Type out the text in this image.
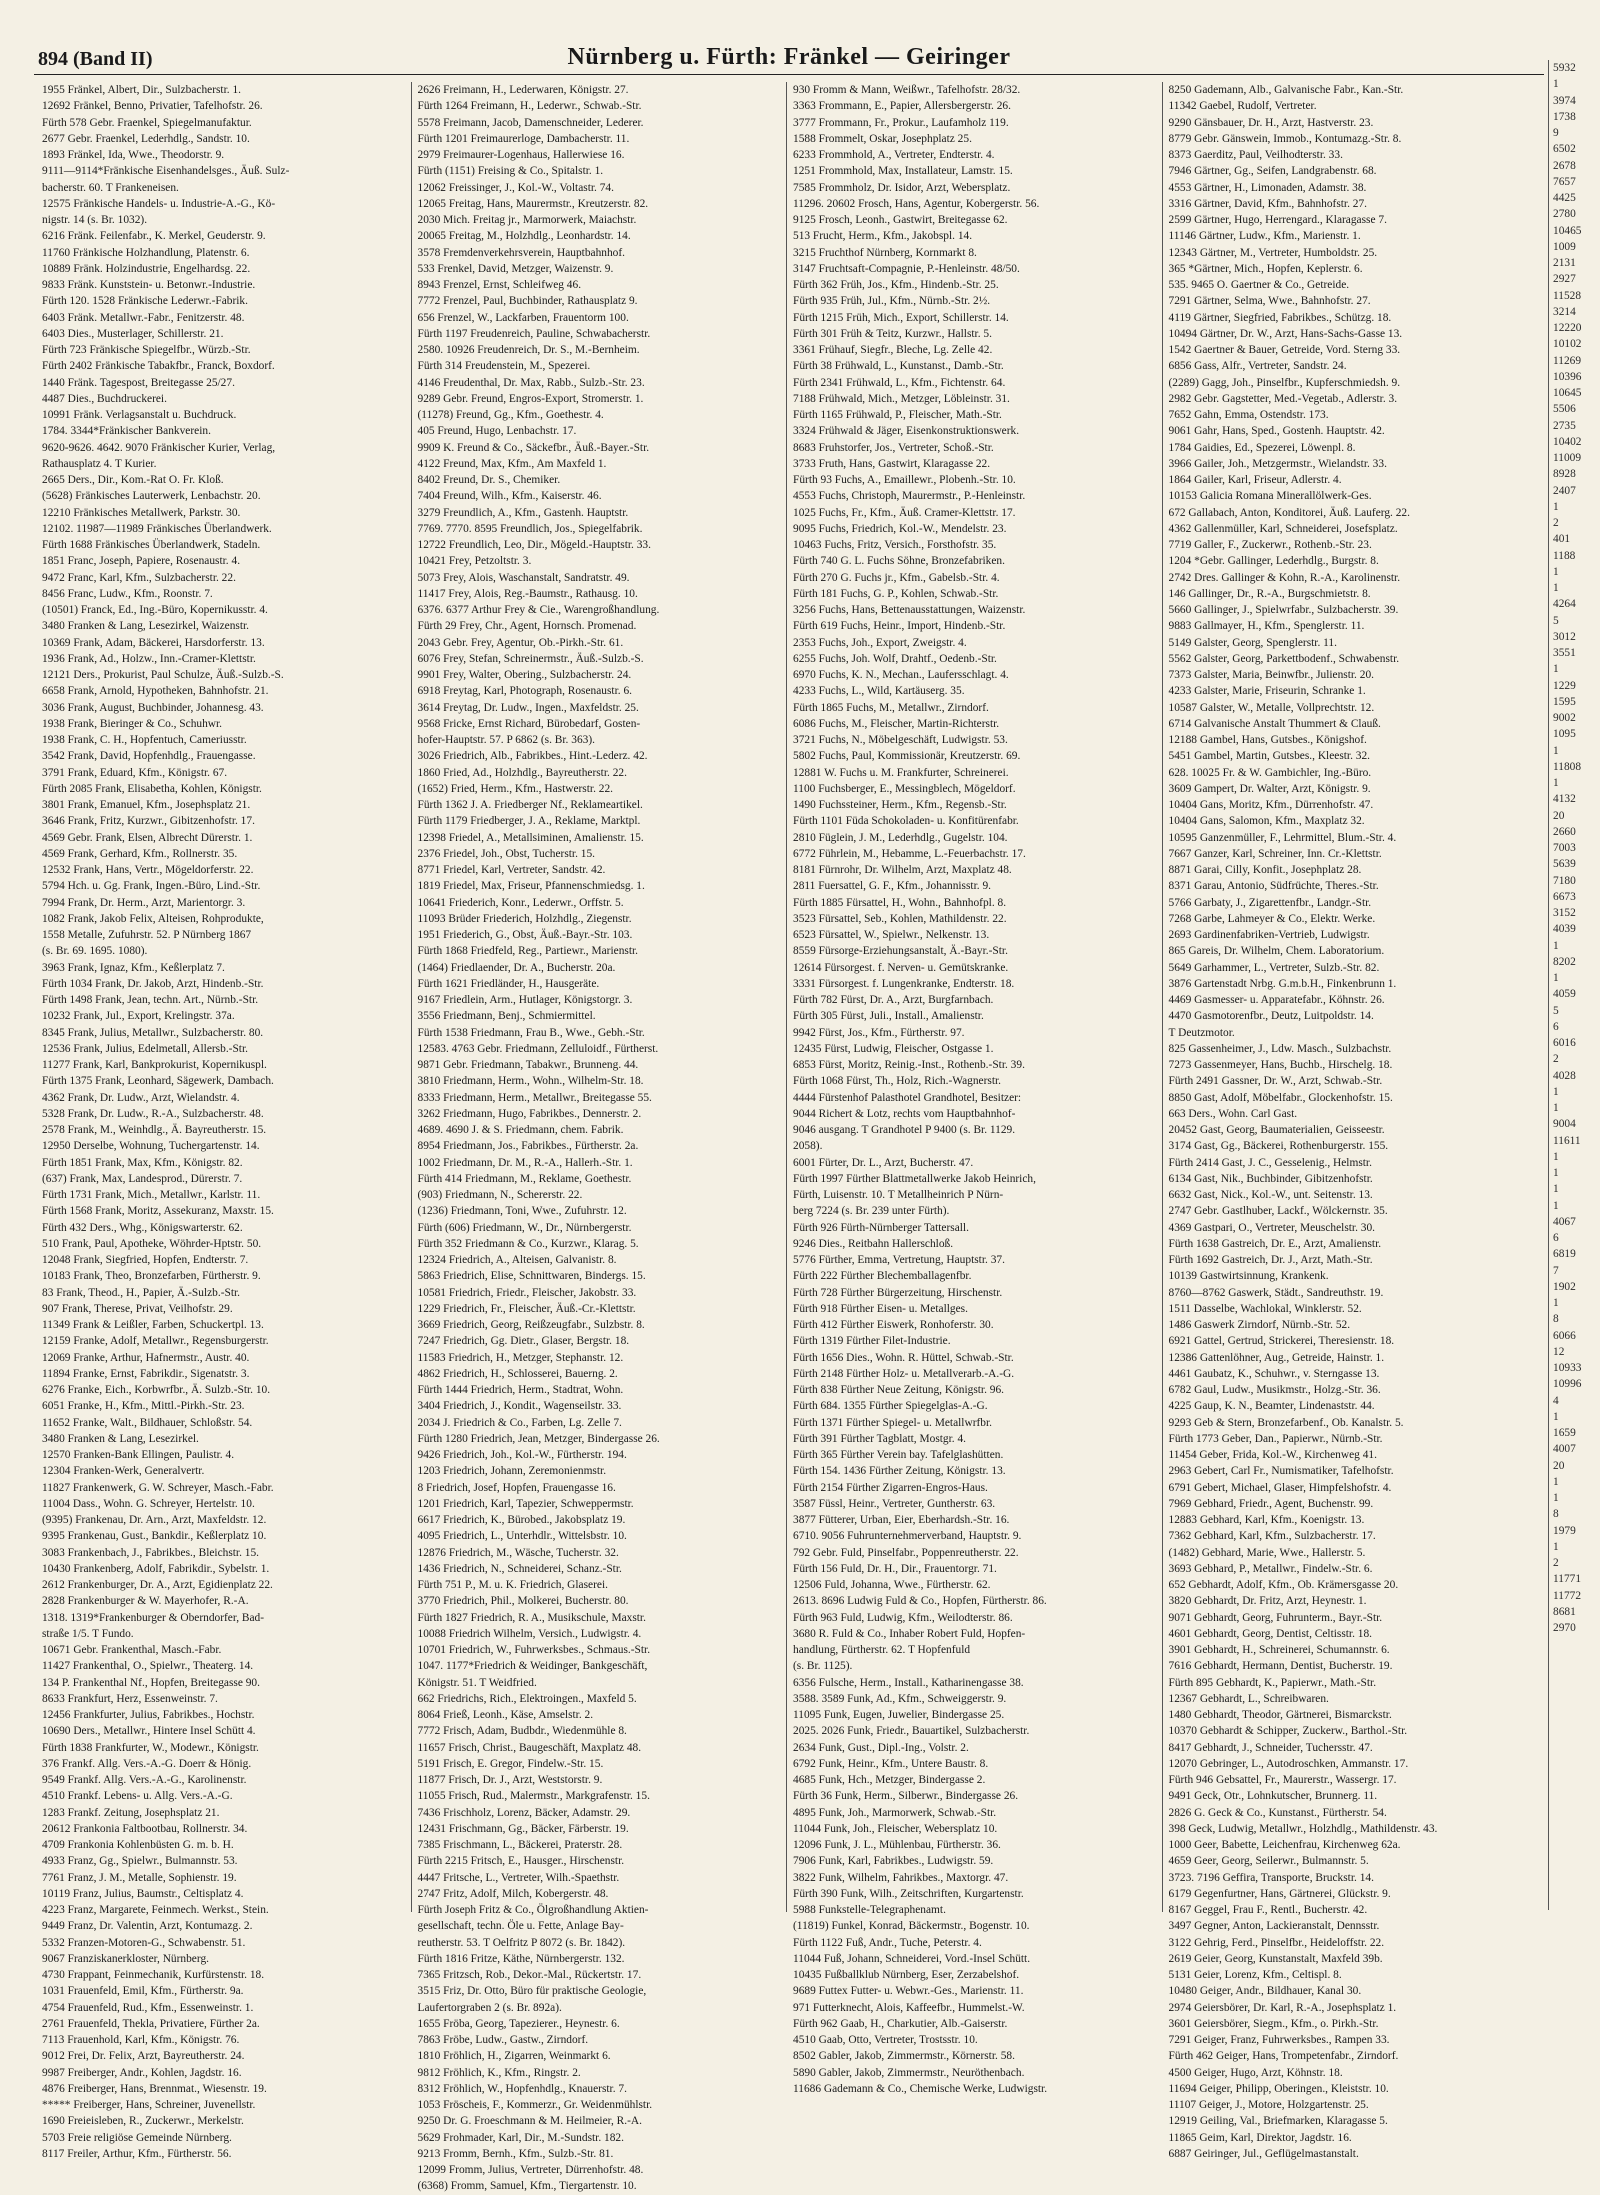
894 (Band II)	Nürnberg u. Fürth: Fränkel — Geiringer
1955 Fränkel, Albert, Dir., Sulzbacherstr. 1.
12692 Fränkel, Benno, Privatier, Tafelhofstr. 26.
Fürth 578 Gebr. Fraenkel, Spiegelmanufaktur.
2677 Gebr. Fraenkel, Lederhdlg., Sandstr. 10.
1893 Fränkel, Ida, Wwe., Theodorstr. 9.
9111—9114*Fränkische Eisenhandelsges., Äuß. Sulz-
bacherstr. 60. T Frankeneisen.
12575 Fränkische Handels- u. Industrie-A.-G., Kö-
nigstr. 14 (s. Br. 1032).
6216 Fränk. Feilenfabr., K. Merkel, Geuderstr. 9.
11760 Fränkische Holzhandlung, Platenstr. 6.
10889 Fränk. Holzindustrie, Engelhardsg. 22.
9833 Fränk. Kunststein- u. Betonwr.-Industrie.
Fürth 120. 1528 Fränkische Lederwr.-Fabrik.
6403 Fränk. Metallwr.-Fabr., Fenitzerstr. 48.
6403 Dies., Musterlager, Schillerstr. 21.
Fürth 723 Fränkische Spiegelfbr., Würzb.-Str.
Fürth 2402 Fränkische Tabakfbr., Franck, Boxdorf.
1440 Fränk. Tagespost, Breitegasse 25/27.
4487 Dies., Buchdruckerei.
10991 Fränk. Verlagsanstalt u. Buchdruck.
1784. 3344*Fränkischer Bankverein.
9620-9626. 4642. 9070 Fränkischer Kurier, Verlag,
Rathausplatz 4. T Kurier.
2665 Ders., Dir., Kom.-Rat O. Fr. Kloß.
(5628) Fränkisches Lauterwerk, Lenbachstr. 20.
12210 Fränkisches Metallwerk, Parkstr. 30.
12102. 11987—11989 Fränkisches Überlandwerk.
Fürth 1688 Fränkisches Überlandwerk, Stadeln.
1851 Franc, Joseph, Papiere, Rosenaustr. 4.
9472 Franc, Karl, Kfm., Sulzbacherstr. 22.
8456 Franc, Ludw., Kfm., Roonstr. 7.
(10501) Franck, Ed., Ing.-Büro, Kopernikusstr. 4.
3480 Franken & Lang, Lesezirkel, Waizenstr.
10369 Frank, Adam, Bäckerei, Harsdorferstr. 13.
1936 Frank, Ad., Holzw., Inn.-Cramer-Klettstr.
12121 Ders., Prokurist, Paul Schulze, Äuß.-Sulzb.-S.
6658 Frank, Arnold, Hypotheken, Bahnhofstr. 21.
3036 Frank, August, Buchbinder, Johannesg. 43.
1938 Frank, Bieringer & Co., Schuhwr.
1938 Frank, C. H., Hopfentuch, Cameriusstr.
3542 Frank, David, Hopfenhdlg., Frauengasse.
3791 Frank, Eduard, Kfm., Königstr. 67.
Fürth 2085 Frank, Elisabetha, Kohlen, Königstr.
3801 Frank, Emanuel, Kfm., Josephsplatz 21.
3646 Frank, Fritz, Kurzwr., Gibitzenhofstr. 17.
4569 Gebr. Frank, Elsen, Albrecht Dürerstr. 1.
4569 Frank, Gerhard, Kfm., Rollnerstr. 35.
12532 Frank, Hans, Vertr., Mögeldorferstr. 22.
5794 Hch. u. Gg. Frank, Ingen.-Büro, Lind.-Str.
7994 Frank, Dr. Herm., Arzt, Marientorgr. 3.
1082 Frank, Jakob Felix, Alteisen, Rohprodukte,
1558 Metalle, Zufuhrstr. 52. P Nürnberg 1867
(s. Br. 69. 1695. 1080).
3963 Frank, Ignaz, Kfm., Keßlerplatz 7.
Fürth 1034 Frank, Dr. Jakob, Arzt, Hindenb.-Str.
Fürth 1498 Frank, Jean, techn. Art., Nürnb.-Str.
10232 Frank, Jul., Export, Krelingstr. 37a.
8345 Frank, Julius, Metallwr., Sulzbacherstr. 80.
12536 Frank, Julius, Edelmetall, Allersb.-Str.
11277 Frank, Karl, Bankprokurist, Kopernikuspl.
Fürth 1375 Frank, Leonhard, Sägewerk, Dambach.
4362 Frank, Dr. Ludw., Arzt, Wielandstr. 4.
5328 Frank, Dr. Ludw., R.-A., Sulzbacherstr. 48.
2578 Frank, M., Weinhdlg., Ä. Bayreutherstr. 15.
12950 Derselbe, Wohnung, Tuchergartenstr. 14.
Fürth 1851 Frank, Max, Kfm., Königstr. 82.
(637) Frank, Max, Landesprod., Dürerstr. 7.
Fürth 1731 Frank, Mich., Metallwr., Karlstr. 11.
Fürth 1568 Frank, Moritz, Assekuranz, Maxstr. 15.
Fürth 432 Ders., Whg., Königswarterstr. 62.
510 Frank, Paul, Apotheke, Wöhrder-Hptstr. 50.
12048 Frank, Siegfried, Hopfen, Endterstr. 7.
10183 Frank, Theo, Bronzefarben, Fürtherstr. 9.
83 Frank, Theod., H., Papier, Ä.-Sulzb.-Str.
907 Frank, Therese, Privat, Veilhofstr. 29.
11349 Frank & Leißler, Farben, Schuckertpl. 13.
12159 Franke, Adolf, Metallwr., Regensburgerstr.
12069 Franke, Arthur, Hafnermstr., Austr. 40.
11894 Franke, Ernst, Fabrikdir., Sigenatstr. 3.
6276 Franke, Eich., Korbwrfbr., Ä. Sulzb.-Str. 10.
6051 Franke, H., Kfm., Mittl.-Pirkh.-Str. 23.
11652 Franke, Walt., Bildhauer, Schloßstr. 54.
3480 Franken & Lang, Lesezirkel.
12570 Franken-Bank Ellingen, Paulistr. 4.
12304 Franken-Werk, Generalvertr.
11827 Frankenwerk, G. W. Schreyer, Masch.-Fabr.
11004 Dass., Wohn. G. Schreyer, Hertelstr. 10.
(9395) Frankenau, Dr. Arn., Arzt, Maxfeldstr. 12.
9395 Frankenau, Gust., Bankdir., Keßlerplatz 10.
3083 Frankenbach, J., Fabrikbes., Bleichstr. 15.
10430 Frankenberg, Adolf, Fabrikdir., Sybelstr. 1.
2612 Frankenburger, Dr. A., Arzt, Egidienplatz 22.
2828 Frankenburger & W. Mayerhofer, R.-A.
1318. 1319*Frankenburger & Oberndorfer, Bad-
straße 1/5. T Fundo.
10671 Gebr. Frankenthal, Masch.-Fabr.
11427 Frankenthal, O., Spielwr., Theaterg. 14.
134 P. Frankenthal Nf., Hopfen, Breitegasse 90.
8633 Frankfurt, Herz, Essenweinstr. 7.
12456 Frankfurter, Julius, Fabrikbes., Hochstr.
10690 Ders., Metallwr., Hintere Insel Schütt 4.
Fürth 1838 Frankfurter, W., Modewr., Königstr.
376 Frankf. Allg. Vers.-A.-G. Doerr & Hönig.
9549 Frankf. Allg. Vers.-A.-G., Karolinenstr.
4510 Frankf. Lebens- u. Allg. Vers.-A.-G.
1283 Frankf. Zeitung, Josephsplatz 21.
20612 Frankonia Faltbootbau, Rollnerstr. 34.
4709 Frankonia Kohlenbüsten G. m. b. H.
4933 Franz, Gg., Spielwr., Bulmannstr. 53.
7761 Franz, J. M., Metalle, Sophienstr. 19.
10119 Franz, Julius, Baumstr., Celtisplatz 4.
4223 Franz, Margarete, Feinmech. Werkst., Stein.
9449 Franz, Dr. Valentin, Arzt, Kontumazg. 2.
5332 Franzen-Motoren-G., Schwabenstr. 51.
9067 Franziskanerkloster, Nürnberg.
4730 Frappant, Feinmechanik, Kurfürstenstr. 18.
1031 Frauenfeld, Emil, Kfm., Fürtherstr. 9a.
4754 Frauenfeld, Rud., Kfm., Essenweinstr. 1.
2761 Frauenfeld, Thekla, Privatiere, Fürther 2a.
7113 Frauenhold, Karl, Kfm., Königstr. 76.
9012 Frei, Dr. Felix, Arzt, Bayreutherstr. 24.
9987 Freiberger, Andr., Kohlen, Jagdstr. 16.
4876 Freiberger, Hans, Brennmat., Wiesenstr. 19.
***** Freiberger, Hans, Schreiner, Juvenellstr.
1690 Freieisleben, R., Zuckerwr., Merkelstr.
5703 Freie religiöse Gemeinde Nürnberg.
8117 Freiler, Arthur, Kfm., Fürtherstr. 56.
2626 Freimann, H., Lederwaren, Königstr. 27.
Fürth 1264 Freimann, H., Lederwr., Schwab.-Str.
5578 Freimann, Jacob, Damenschneider, Lederer.
Fürth 1201 Freimaurerloge, Dambacherstr. 11.
2979 Freimaurer-Logenhaus, Hallerwiese 16.
Fürth (1151) Freising & Co., Spitalstr. 1.
12062 Freissinger, J., Kol.-W., Voltastr. 74.
12065 Freitag, Hans, Maurermstr., Kreutzerstr. 82.
2030 Mich. Freitag jr., Marmorwerk, Maiachstr.
20065 Freitag, M., Holzhdlg., Leonhardstr. 14.
3578 Fremdenverkehrsverein, Hauptbahnhof.
533 Frenkel, David, Metzger, Waizenstr. 9.
8943 Frenzel, Ernst, Schleifweg 46.
7772 Frenzel, Paul, Buchbinder, Rathausplatz 9.
656 Frenzel, W., Lackfarben, Frauentorm 100.
Fürth 1197 Freudenreich, Pauline, Schwabacherstr.
2580. 10926 Freudenreich, Dr. S., M.-Bernheim.
Fürth 314 Freudenstein, M., Spezerei.
4146 Freudenthal, Dr. Max, Rabb., Sulzb.-Str. 23.
9289 Gebr. Freund, Engros-Export, Stromerstr. 1.
(11278) Freund, Gg., Kfm., Goethestr. 4.
405 Freund, Hugo, Lenbachstr. 17.
9909 K. Freund & Co., Säckefbr., Äuß.-Bayer.-Str.
4122 Freund, Max, Kfm., Am Maxfeld 1.
8402 Freund, Dr. S., Chemiker.
7404 Freund, Wilh., Kfm., Kaiserstr. 46.
3279 Freundlich, A., Kfm., Gastenh. Hauptstr.
7769. 7770. 8595 Freundlich, Jos., Spiegelfabrik.
12722 Freundlich, Leo, Dir., Mögeld.-Hauptstr. 33.
10421 Frey, Petzoltstr. 3.
5073 Frey, Alois, Waschanstalt, Sandratstr. 49.
11417 Frey, Alois, Reg.-Baumstr., Rathausg. 10.
6376. 6377 Arthur Frey & Cie., Warengroßhandlung.
Fürth 29 Frey, Chr., Agent, Hornsch. Promenad.
2043 Gebr. Frey, Agentur, Ob.-Pirkh.-Str. 61.
6076 Frey, Stefan, Schreinermstr., Äuß.-Sulzb.-S.
9901 Frey, Walter, Obering., Sulzbacherstr. 24.
6918 Freytag, Karl, Photograph, Rosenaustr. 6.
3614 Freytag, Dr. Ludw., Ingen., Maxfeldstr. 25.
9568 Fricke, Ernst Richard, Bürobedarf, Gosten-
hofer-Hauptstr. 57. P 6862 (s. Br. 363).
3026 Friedrich, Alb., Fabrikbes., Hint.-Lederz. 42.
1860 Fried, Ad., Holzhdlg., Bayreutherstr. 22.
(1652) Fried, Herm., Kfm., Hastwerstr. 22.
Fürth 1362 J. A. Friedberger Nf., Reklameartikel.
Fürth 1179 Friedberger, J. A., Reklame, Marktpl.
12398 Friedel, A., Metallsiminen, Amalienstr. 15.
2376 Friedel, Joh., Obst, Tucherstr. 15.
8771 Friedel, Karl, Vertreter, Sandstr. 42.
1819 Friedel, Max, Friseur, Pfannenschmiedsg. 1.
10641 Friederich, Konr., Lederwr., Orffstr. 5.
11093 Brüder Friederich, Holzhdlg., Ziegenstr.
1951 Friederich, G., Obst, Äuß.-Bayr.-Str. 103.
Fürth 1868 Friedfeld, Reg., Partiewr., Marienstr.
(1464) Friedlaender, Dr. A., Bucherstr. 20a.
Fürth 1621 Friedländer, H., Hausgeräte.
9167 Friedlein, Arm., Hutlager, Königstorgr. 3.
3556 Friedmann, Benj., Schmiermittel.
Fürth 1538 Friedmann, Frau B., Wwe., Gebh.-Str.
12583. 4763 Gebr. Friedmann, Zelluloidf., Fürtherst.
9871 Gebr. Friedmann, Tabakwr., Brunneng. 44.
3810 Friedmann, Herm., Wohn., Wilhelm-Str. 18.
8333 Friedmann, Herm., Metallwr., Breitegasse 55.
3262 Friedmann, Hugo, Fabrikbes., Dennerstr. 2.
4689. 4690 J. & S. Friedmann, chem. Fabrik.
8954 Friedmann, Jos., Fabrikbes., Fürtherstr. 2a.
1002 Friedmann, Dr. M., R.-A., Hallerh.-Str. 1.
Fürth 414 Friedmann, M., Reklame, Goethestr.
(903) Friedmann, N., Schererstr. 22.
(1236) Friedmann, Toni, Wwe., Zufuhrstr. 12.
Fürth (606) Friedmann, W., Dr., Nürnbergerstr.
Fürth 352 Friedmann & Co., Kurzwr., Klarag. 5.
12324 Friedrich, A., Alteisen, Galvanistr. 8.
5863 Friedrich, Elise, Schnittwaren, Bindergs. 15.
10581 Friedrich, Friedr., Fleischer, Jakobstr. 33.
1229 Friedrich, Fr., Fleischer, Äuß.-Cr.-Klettstr.
3669 Friedrich, Georg, Reißzeugfabr., Sulzbstr. 8.
7247 Friedrich, Gg. Dietr., Glaser, Bergstr. 18.
11583 Friedrich, H., Metzger, Stephanstr. 12.
4862 Friedrich, H., Schlosserei, Bauerng. 2.
Fürth 1444 Friedrich, Herm., Stadtrat, Wohn.
3404 Friedrich, J., Kondit., Wagenseilstr. 33.
2034 J. Friedrich & Co., Farben, Lg. Zelle 7.
Fürth 1280 Friedrich, Jean, Metzger, Bindergasse 26.
9426 Friedrich, Joh., Kol.-W., Fürtherstr. 194.
1203 Friedrich, Johann, Zeremonienmstr.
8 Friedrich, Josef, Hopfen, Frauengasse 16.
1201 Friedrich, Karl, Tapezier, Schweppermstr.
6617 Friedrich, K., Bürobed., Jakobsplatz 19.
4095 Friedrich, L., Unterhdlr., Wittelsbstr. 10.
12876 Friedrich, M., Wäsche, Tucherstr. 32.
1436 Friedrich, N., Schneiderei, Schanz.-Str.
Fürth 751 P., M. u. K. Friedrich, Glaserei.
3770 Friedrich, Phil., Molkerei, Bucherstr. 80.
Fürth 1827 Friedrich, R. A., Musikschule, Maxstr.
10088 Friedrich Wilhelm, Versich., Ludwigstr. 4.
10701 Friedrich, W., Fuhrwerksbes., Schmaus.-Str.
1047. 1177*Friedrich & Weidinger, Bankgeschäft,
Königstr. 51. T Weidfried.
662 Friedrichs, Rich., Elektroingen., Maxfeld 5.
8064 Frieß, Leonh., Käse, Amselstr. 2.
7772 Frisch, Adam, Budbdr., Wiedenmühle 8.
11657 Frisch, Christ., Baugeschäft, Maxplatz 48.
5191 Frisch, E. Gregor, Findelw.-Str. 15.
11877 Frisch, Dr. J., Arzt, Weststorstr. 9.
11055 Frisch, Rud., Malermstr., Markgrafenstr. 15.
7436 Frischholz, Lorenz, Bäcker, Adamstr. 29.
12431 Frischmann, Gg., Bäcker, Färberstr. 19.
7385 Frischmann, L., Bäckerei, Praterstr. 28.
Fürth 2215 Fritsch, E., Hausger., Hirschenstr.
4447 Fritsche, L., Vertreter, Wilh.-Spaethstr.
2747 Fritz, Adolf, Milch, Kobergerstr. 48.
Fürth Joseph Fritz & Co., Ölgroßhandlung Aktien-
gesellschaft, techn. Öle u. Fette, Anlage Bay-
reutherstr. 53. T Oelfritz P 8072 (s. Br. 1842).
Fürth 1816 Fritze, Käthe, Nürnbergerstr. 132.
7365 Fritzsch, Rob., Dekor.-Mal., Rückertstr. 17.
3515 Friz, Dr. Otto, Büro für praktische Geologie,
Laufertorgraben 2 (s. Br. 892a).
1655 Fröba, Georg, Tapezierer., Heynestr. 6.
7863 Fröbe, Ludw., Gastw., Zirndorf.
1810 Fröhlich, H., Zigarren, Weinmarkt 6.
9812 Fröhlich, K., Kfm., Ringstr. 2.
8312 Fröhlich, W., Hopfenhdlg., Knauerstr. 7.
1053 Fröscheis, F., Kommerzr., Gr. Weidenmühlstr.
9250 Dr. G. Froeschmann & M. Heilmeier, R.-A.
5629 Frohmader, Karl, Dir., M.-Sundstr. 182.
9213 Fromm, Bernh., Kfm., Sulzb.-Str. 81.
12099 Fromm, Julius, Vertreter, Dürrenhofstr. 48.
(6368) Fromm, Samuel, Kfm., Tiergartenstr. 10.
930 Fromm & Mann, Weißwr., Tafelhofstr. 28/32.
3363 Frommann, E., Papier, Allersbergerstr. 26.
3777 Frommann, Fr., Prokur., Laufamholz 119.
1588 Frommelt, Oskar, Josephplatz 25.
6233 Frommhold, A., Vertreter, Endterstr. 4.
1251 Frommhold, Max, Installateur, Lamstr. 15.
7585 Frommholz, Dr. Isidor, Arzt, Webersplatz.
11296. 20602 Frosch, Hans, Agentur, Kobergerstr. 56.
9125 Frosch, Leonh., Gastwirt, Breitegasse 62.
513 Frucht, Herm., Kfm., Jakobspl. 14.
3215 Fruchthof Nürnberg, Kornmarkt 8.
3147 Fruchtsaft-Compagnie, P.-Henleinstr. 48/50.
Fürth 362 Früh, Jos., Kfm., Hindenb.-Str. 25.
Fürth 935 Früh, Jul., Kfm., Nürnb.-Str. 2½.
Fürth 1215 Früh, Mich., Export, Schillerstr. 14.
Fürth 301 Früh & Teitz, Kurzwr., Hallstr. 5.
3361 Frühauf, Siegfr., Bleche, Lg. Zelle 42.
Fürth 38 Frühwald, L., Kunstanst., Damb.-Str.
Fürth 2341 Frühwald, L., Kfm., Fichtenstr. 64.
7188 Frühwald, Mich., Metzger, Löbleinstr. 31.
Fürth 1165 Frühwald, P., Fleischer, Math.-Str.
3324 Frühwald & Jäger, Eisenkonstruktionswerk.
8683 Fruhstorfer, Jos., Vertreter, Schoß.-Str.
3733 Fruth, Hans, Gastwirt, Klaragasse 22.
Fürth 93 Fuchs, A., Emaillewr., Plobenh.-Str. 10.
4553 Fuchs, Christoph, Maurermstr., P.-Henleinstr.
1025 Fuchs, Fr., Kfm., Äuß. Cramer-Klettstr. 17.
9095 Fuchs, Friedrich, Kol.-W., Mendelstr. 23.
10463 Fuchs, Fritz, Versich., Forsthofstr. 35.
Fürth 740 G. L. Fuchs Söhne, Bronzefabriken.
Fürth 270 G. Fuchs jr., Kfm., Gabelsb.-Str. 4.
Fürth 181 Fuchs, G. P., Kohlen, Schwab.-Str.
3256 Fuchs, Hans, Bettenausstattungen, Waizenstr.
Fürth 619 Fuchs, Heinr., Import, Hindenb.-Str.
2353 Fuchs, Joh., Export, Zweigstr. 4.
6255 Fuchs, Joh. Wolf, Drahtf., Oedenb.-Str.
6970 Fuchs, K. N., Mechan., Laufersschlagt. 4.
4233 Fuchs, L., Wild, Kartäuserg. 35.
Fürth 1865 Fuchs, M., Metallwr., Zirndorf.
6086 Fuchs, M., Fleischer, Martin-Richterstr.
3721 Fuchs, N., Möbelgeschäft, Ludwigstr. 53.
5802 Fuchs, Paul, Kommissionär, Kreutzerstr. 69.
12881 W. Fuchs u. M. Frankfurter, Schreinerei.
1100 Fuchsberger, E., Messingblech, Mögeldorf.
1490 Fuchssteiner, Herm., Kfm., Regensb.-Str.
Fürth 1101 Füda Schokoladen- u. Konfitürenfabr.
2810 Füglein, J. M., Lederhdlg., Gugelstr. 104.
6772 Führlein, M., Hebamme, L.-Feuerbachstr. 17.
8181 Fürnrohr, Dr. Wilhelm, Arzt, Maxplatz 48.
2811 Fuersattel, G. F., Kfm., Johannisstr. 9.
Fürth 1885 Fürsattel, H., Wohn., Bahnhofpl. 8.
3523 Fürsattel, Seb., Kohlen, Mathildenstr. 22.
6523 Fürsattel, W., Spielwr., Nelkenstr. 13.
8559 Fürsorge-Erziehungsanstalt, Ä.-Bayr.-Str.
12614 Fürsorgest. f. Nerven- u. Gemütskranke.
3331 Fürsorgest. f. Lungenkranke, Endterstr. 18.
Fürth 782 Fürst, Dr. A., Arzt, Burgfarnbach.
Fürth 305 Fürst, Juli., Install., Amalienstr.
9942 Fürst, Jos., Kfm., Fürtherstr. 97.
12435 Fürst, Ludwig, Fleischer, Ostgasse 1.
6853 Fürst, Moritz, Reinig.-Inst., Rothenb.-Str. 39.
Fürth 1068 Fürst, Th., Holz, Rich.-Wagnerstr.
4444 Fürstenhof Palasthotel Grandhotel, Besitzer:
9044 Richert & Lotz, rechts vom Hauptbahnhof-
9046 ausgang. T Grandhotel P 9400 (s. Br. 1129.
2058).
6001 Fürter, Dr. L., Arzt, Bucherstr. 47.
Fürth 1997 Fürther Blattmetallwerke Jakob Heinrich,
Fürth, Luisenstr. 10. T Metallheinrich P Nürn-
berg 7224 (s. Br. 239 unter Fürth).
Fürth 926 Fürth-Nürnberger Tattersall.
9246 Dies., Reitbahn Hallerschloß.
5776 Fürther, Emma, Vertretung, Hauptstr. 37.
Fürth 222 Fürther Blechemballagenfbr.
Fürth 728 Fürther Bürgerzeitung, Hirschenstr.
Fürth 918 Fürther Eisen- u. Metallges.
Fürth 412 Fürther Eiswerk, Ronhoferstr. 30.
Fürth 1319 Fürther Filet-Industrie.
Fürth 1656 Dies., Wohn. R. Hüttel, Schwab.-Str.
Fürth 2148 Fürther Holz- u. Metallverarb.-A.-G.
Fürth 838 Fürther Neue Zeitung, Königstr. 96.
Fürth 684. 1355 Fürther Spiegelglas-A.-G.
Fürth 1371 Fürther Spiegel- u. Metallwrfbr.
Fürth 391 Fürther Tagblatt, Mostgr. 4.
Fürth 365 Fürther Verein bay. Tafelglashütten.
Fürth 154. 1436 Fürther Zeitung, Königstr. 13.
Fürth 2154 Fürther Zigarren-Engros-Haus.
3587 Füssl, Heinr., Vertreter, Guntherstr. 63.
3877 Fütterer, Urban, Eier, Eberhardsh.-Str. 16.
6710. 9056 Fuhrunternehmerverband, Hauptstr. 9.
792 Gebr. Fuld, Pinselfabr., Poppenreutherstr. 22.
Fürth 156 Fuld, Dr. H., Dir., Frauentorgr. 71.
12506 Fuld, Johanna, Wwe., Fürtherstr. 62.
2613. 8696 Ludwig Fuld & Co., Hopfen, Fürtherstr. 86.
Fürth 963 Fuld, Ludwig, Kfm., Weilodterstr. 86.
3680 R. Fuld & Co., Inhaber Robert Fuld, Hopfen-
handlung, Fürtherstr. 62. T Hopfenfuld
(s. Br. 1125).
6356 Fulsche, Herm., Install., Katharinengasse 38.
3588. 3589 Funk, Ad., Kfm., Schweiggerstr. 9.
11095 Funk, Eugen, Juwelier, Bindergasse 25.
2025. 2026 Funk, Friedr., Bauartikel, Sulzbacherstr.
2634 Funk, Gust., Dipl.-Ing., Volstr. 2.
6792 Funk, Heinr., Kfm., Untere Baustr. 8.
4685 Funk, Hch., Metzger, Bindergasse 2.
Fürth 36 Funk, Herm., Silberwr., Bindergasse 26.
4895 Funk, Joh., Marmorwerk, Schwab.-Str.
11044 Funk, Joh., Fleischer, Webersplatz 10.
12096 Funk, J. L., Mühlenbau, Fürtherstr. 36.
7906 Funk, Karl, Fabrikbes., Ludwigstr. 59.
3822 Funk, Wilhelm, Fahrikbes., Maxtorgr. 47.
Fürth 390 Funk, Wilh., Zeitschriften, Kurgartenstr.
5988 Funkstelle-Telegraphenamt.
(11819) Funkel, Konrad, Bäckermstr., Bogenstr. 10.
Fürth 1122 Fuß, Andr., Tuche, Peterstr. 4.
11044 Fuß, Johann, Schneiderei, Vord.-Insel Schütt.
10435 Fußballklub Nürnberg, Eser, Zerzabelshof.
9689 Futtex Futter- u. Webwr.-Ges., Marienstr. 11.
971 Futterknecht, Alois, Kaffeefbr., Hummelst.-W.
Fürth 962 Gaab, H., Charkutier, Alb.-Gaiserstr.
4510 Gaab, Otto, Vertreter, Trostsstr. 10.
8502 Gabler, Jakob, Zimmermstr., Körnerstr. 58.
5890 Gabler, Jakob, Zimmermstr., Neuröthenbach.
11686 Gademann & Co., Chemische Werke, Ludwigstr.
8250 Gademann, Alb., Galvanische Fabr., Kan.-Str.
11342 Gaebel, Rudolf, Vertreter.
9290 Gänsbauer, Dr. H., Arzt, Hastverstr. 23.
8779 Gebr. Gänswein, Immob., Kontumazg.-Str. 8.
8373 Gaerditz, Paul, Veilhodterstr. 33.
7946 Gärtner, Gg., Seifen, Landgrabenstr. 68.
4553 Gärtner, H., Limonaden, Adamstr. 38.
3316 Gärtner, David, Kfm., Bahnhofstr. 27.
2599 Gärtner, Hugo, Herrengard., Klaragasse 7.
11146 Gärtner, Ludw., Kfm., Marienstr. 1.
12343 Gärtner, M., Vertreter, Humboldstr. 25.
365 *Gärtner, Mich., Hopfen, Keplerstr. 6.
535. 9465 O. Gaertner & Co., Getreide.
7291 Gärtner, Selma, Wwe., Bahnhofstr. 27.
4119 Gärtner, Siegfried, Fabrikbes., Schützg. 18.
10494 Gärtner, Dr. W., Arzt, Hans-Sachs-Gasse 13.
1542 Gaertner & Bauer, Getreide, Vord. Sterng 33.
6856 Gass, Alfr., Vertreter, Sandstr. 24.
(2289) Gagg, Joh., Pinselfbr., Kupferschmiedsh. 9.
2982 Gebr. Gagstetter, Med.-Vegetab., Adlerstr. 3.
7652 Gahn, Emma, Ostendstr. 173.
9061 Gahr, Hans, Sped., Gostenh. Hauptstr. 42.
1784 Gaidies, Ed., Spezerei, Löwenpl. 8.
3966 Gailer, Joh., Metzgermstr., Wielandstr. 33.
1864 Gailer, Karl, Friseur, Adlerstr. 4.
10153 Galicia Romana Minerallölwerk-Ges.
672 Gallabach, Anton, Konditorei, Äuß. Lauferg. 22.
4362 Gallenmüller, Karl, Schneiderei, Josefsplatz.
7719 Galler, F., Zuckerwr., Rothenb.-Str. 23.
1204 *Gebr. Gallinger, Lederhdlg., Burgstr. 8.
2742 Dres. Gallinger & Kohn, R.-A., Karolinenstr.
146 Gallinger, Dr., R.-A., Burgschmietstr. 8.
5660 Gallinger, J., Spielwrfabr., Sulzbacherstr. 39.
9883 Gallmayer, H., Kfm., Spenglerstr. 11.
5149 Galster, Georg, Spenglerstr. 11.
5562 Galster, Georg, Parkettbodenf., Schwabenstr.
7373 Galster, Maria, Beinwfbr., Julienstr. 20.
4233 Galster, Marie, Friseurin, Schranke 1.
10587 Galster, W., Metalle, Vollprechtstr. 12.
6714 Galvanische Anstalt Thummert & Clauß.
12188 Gambel, Hans, Gutsbes., Königshof.
5451 Gambel, Martin, Gutsbes., Kleestr. 32.
628. 10025 Fr. & W. Gambichler, Ing.-Büro.
3609 Gampert, Dr. Walter, Arzt, Königstr. 9.
10404 Gans, Moritz, Kfm., Dürrenhofstr. 47.
10404 Gans, Salomon, Kfm., Maxplatz 32.
10595 Ganzenmüller, F., Lehrmittel, Blum.-Str. 4.
7667 Ganzer, Karl, Schreiner, Inn. Cr.-Klettstr.
8871 Garai, Cilly, Konfit., Josephplatz 28.
8371 Garau, Antonio, Südfrüchte, Theres.-Str.
5766 Garbaty, J., Zigarettenfbr., Landgr.-Str.
7268 Garbe, Lahmeyer & Co., Elektr. Werke.
2693 Gardinenfabriken-Vertrieb, Ludwigstr.
865 Gareis, Dr. Wilhelm, Chem. Laboratorium.
5649 Garhammer, L., Vertreter, Sulzb.-Str. 82.
3876 Gartenstadt Nrbg. G.m.b.H., Finkenbrunn 1.
4469 Gasmesser- u. Apparatefabr., Köhnstr. 26.
4470 Gasmotorenfbr., Deutz, Luitpoldstr. 14.
T Deutzmotor.
825 Gassenheimer, J., Ldw. Masch., Sulzbachstr.
7273 Gassenmeyer, Hans, Buchb., Hirschelg. 18.
Fürth 2491 Gassner, Dr. W., Arzt, Schwab.-Str.
8850 Gast, Adolf, Möbelfabr., Glockenhofstr. 15.
663 Ders., Wohn. Carl Gast.
20452 Gast, Georg, Baumaterialien, Geisseestr.
3174 Gast, Gg., Bäckerei, Rothenburgerstr. 155.
Fürth 2414 Gast, J. C., Gesselenig., Helmstr.
6134 Gast, Nik., Buchbinder, Gibitzenhofstr.
6632 Gast, Nick., Kol.-W., unt. Seitenstr. 13.
2747 Gebr. Gastlhuber, Lackf., Wölckernstr. 35.
4369 Gastpari, O., Vertreter, Meuschelstr. 30.
Fürth 1638 Gastreich, Dr. E., Arzt, Amalienstr.
Fürth 1692 Gastreich, Dr. J., Arzt, Math.-Str.
10139 Gastwirtsinnung, Krankenk.
8760—8762 Gaswerk, Städt., Sandreuthstr. 19.
1511 Dasselbe, Wachlokal, Winklerstr. 52.
1486 Gaswerk Zirndorf, Nürnb.-Str. 52.
6921 Gattel, Gertrud, Strickerei, Theresienstr. 18.
12386 Gattenlöhner, Aug., Getreide, Hainstr. 1.
4461 Gaubatz, K., Schuhwr., v. Sterngasse 13.
6782 Gaul, Ludw., Musikmstr., Holzg.-Str. 36.
4225 Gaup, K. N., Beamter, Lindenaststr. 44.
9293 Geb & Stern, Bronzefarbenf., Ob. Kanalstr. 5.
Fürth 1773 Geber, Dan., Papierwr., Nürnb.-Str.
11454 Geber, Frida, Kol.-W., Kirchenweg 41.
2963 Gebert, Carl Fr., Numismatiker, Tafelhofstr.
6791 Gebert, Michael, Glaser, Himpfelshofstr. 4.
7969 Gebhard, Friedr., Agent, Buchenstr. 99.
12883 Gebhard, Karl, Kfm., Koenigstr. 13.
7362 Gebhard, Karl, Kfm., Sulzbacherstr. 17.
(1482) Gebhard, Marie, Wwe., Hallerstr. 5.
3693 Gebhard, P., Metallwr., Findelw.-Str. 6.
652 Gebhardt, Adolf, Kfm., Ob. Krämersgasse 20.
3820 Gebhardt, Dr. Fritz, Arzt, Heynestr. 1.
9071 Gebhardt, Georg, Fuhrunterm., Bayr.-Str.
4601 Gebhardt, Georg, Dentist, Celtisstr. 18.
3901 Gebhardt, H., Schreinerei, Schumannstr. 6.
7616 Gebhardt, Hermann, Dentist, Bucherstr. 19.
Fürth 895 Gebhardt, K., Papierwr., Math.-Str.
12367 Gebhardt, L., Schreibwaren.
1480 Gebhardt, Theodor, Gärtnerei, Bismarckstr.
10370 Gebhardt & Schipper, Zuckerw., Barthol.-Str.
8417 Gebhardt, J., Schneider, Tuchersstr. 47.
12070 Gebringer, L., Autodroschken, Ammanstr. 17.
Fürth 946 Gebsattel, Fr., Maurerstr., Wassergr. 17.
9491 Geck, Otr., Lohnkutscher, Brunnerg. 11.
2826 G. Geck & Co., Kunstanst., Fürtherstr. 54.
398 Geck, Ludwig, Metallwr., Holzhdlg., Mathildenstr. 43.
1000 Geer, Babette, Leichenfrau, Kirchenweg 62a.
4659 Geer, Georg, Seilerwr., Bulmannstr. 5.
3723. 7196 Geffira, Transporte, Bruckstr. 14.
6179 Gegenfurtner, Hans, Gärtnerei, Glückstr. 9.
8167 Geggel, Frau F., Rentl., Bucherstr. 42.
3497 Gegner, Anton, Lackieranstalt, Dennsstr.
3122 Gehrig, Ferd., Pinselfbr., Heideloffstr. 22.
2619 Geier, Georg, Kunstanstalt, Maxfeld 39b.
5131 Geier, Lorenz, Kfm., Celtispl. 8.
10480 Geiger, Andr., Bildhauer, Kanal 30.
2974 Geiersbörer, Dr. Karl, R.-A., Josephsplatz 1.
3601 Geiersbörer, Siegm., Kfm., o. Pirkh.-Str.
7291 Geiger, Franz, Fuhrwerksbes., Rampen 33.
Fürth 462 Geiger, Hans, Trompetenfabr., Zirndorf.
4500 Geiger, Hugo, Arzt, Köhnstr. 18.
11694 Geiger, Philipp, Oberingen., Kleiststr. 10.
11107 Geiger, J., Motore, Holzgartenstr. 25.
12919 Geiling, Val., Briefmarken, Klaragasse 5.
11865 Geim, Karl, Direktor, Jagdstr. 16.
6887 Geiringer, Jul., Geflügelmastanstalt.
5932
1
3974
1738
9
6502
2678
7657
4425
2780
10465
1009
2131
2927
11528
3214
12220
10102
11269
10396
10645
5506
2735
10402
11009
8928
2407
1
2
401
1188
1
1
4264
5
3012
3551
1
1229
1595
9002
1095
1
11808
1
4132
20
2660
7003
5639
7180
6673
3152
4039
1
8202
1
4059
5
6
6016
2
4028
1
1
9004
11611
1
1
1
1
4067
6
6819
7
1902
1
8
6066
12
10933
10996
4
1
1659
4007
20
1
1
8
1979
1
2
11771
11772
8681
2970
